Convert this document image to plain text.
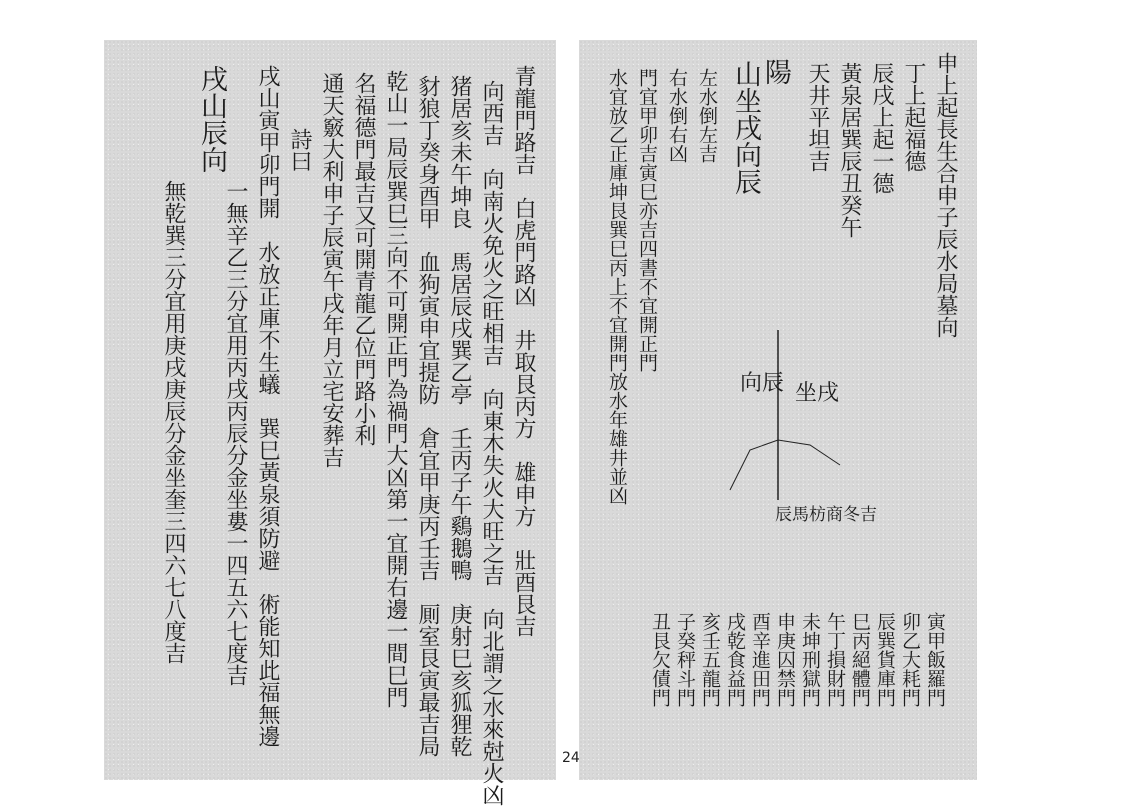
青龍門路吉　白虎門路凶　井取艮丙方　雄申方　壯酉艮吉
向西吉　向南火免火之旺相吉　向東木失火大旺之吉　向北謂之水來尅火凶
猪居亥未午坤良　馬居辰戌巽乙亭　壬丙子午鷄鵝鴨　庚射巳亥狐狸乾
豺狼丁癸身酉甲　血狗寅申宜提防　倉宜甲庚丙壬吉　厠室艮寅最吉局
乾山一局辰巽巳三向不可開正門為禍門大凶第一宜開右邊一間巳門
名福德門最吉又可開青龍乙位門路小利
通天竅大利申子辰寅午戌年月立宅安葬吉
詩曰
戌山寅甲卯門開　水放正庫不生蟻　巽巳黃泉須防避　術能知此福無邊
戌山辰向
一無辛乙三分宜用丙戌丙辰分金坐婁一四五六七度吉
無乾巽三分宜用庚戌庚辰分金坐奎三四六七八度吉	申上起長生合申子辰水局墓向
丁上起福德
辰戌上起一德
黃泉居巽辰丑癸午
天井平坦吉
陽
山坐戌向辰
左水倒左吉
右水倒右凶
門宜甲卯吉寅巳亦吉四書不宜開正門
水宜放乙正庫坤艮巽巳丙上不宜開門放水年雄井並凶	坐戌
向辰
辰馬枋商冬吉
寅甲飯羅門
卯乙大耗門
辰巽貨庫門
巳丙絕體門
午丁損財門
未坤刑獄門
申庚囚禁門
酉辛進田門
戌乾食益門
亥壬五龍門
子癸秤斗門
丑艮欠債門
24
